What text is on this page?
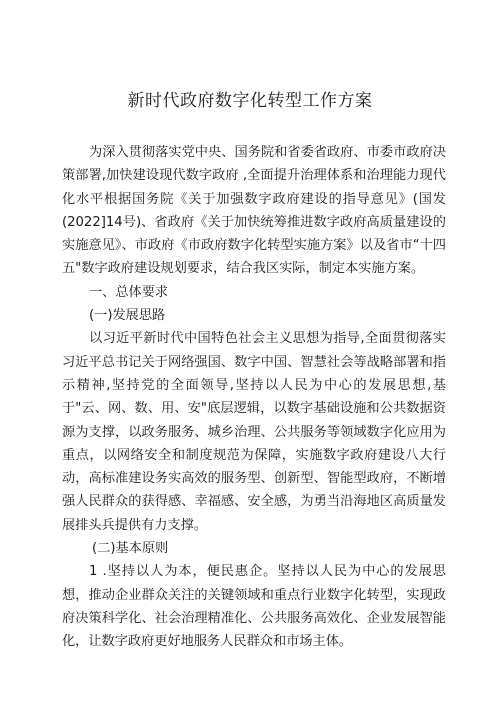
新时代政府数字化转型工作方案

为深入贯彻落实党中央、国务院和省委省政府、市委市政府决策部署,加快建设现代数字政府 ,全面提升治理体系和治理能力现代化水平根据国务院《关于加强数字政府建设的指导意见》(国发(2022]14号)、省政府《关于加快统筹推进数字政府高质量建设的实施意见》、市政府《市政府数字化转型实施方案》以及省市“十四五"数字政府建设规划要求，结合我区实际，制定本实施方案。

一、总体要求

(一)发展思路

以习近平新时代中国特色社会主义思想为指导,全面贯彻落实习近平总书记关于网络强国、数字中国、智慧社会等战略部署和指示精神,坚持党的全面领导,坚持以人民为中心的发展思想,基于"云、网、数、用、安"底层逻辑，以数字基础设施和公共数据资源为支撑，以政务服务、城乡治理、公共服务等领域数字化应用为重点，以网络安全和制度规范为保障，实施数字政府建设八大行动，高标准建设务实高效的服务型、创新型、智能型政府，不断增强人民群众的获得感、幸福感、安全感，为勇当沿海地区高质量发展排头兵提供有力支撑。

(二)基本原则

1 .坚持以人为本，便民惠企。坚持以人民为中心的发展思想，推动企业群众关注的关键领域和重点行业数字化转型，实现政府决策科学化、社会治理精准化、公共服务高效化、企业发展智能化，让数字政府更好地服务人民群众和市场主体。
